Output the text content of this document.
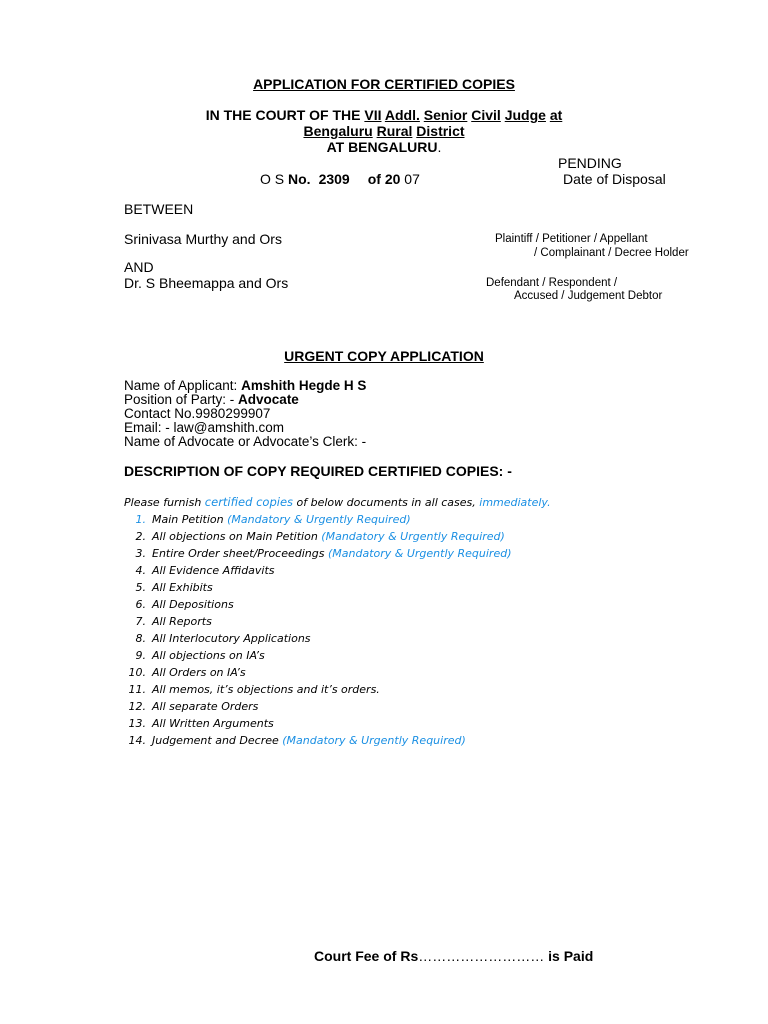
APPLICATION FOR CERTIFIED COPIES
IN THE COURT OF THE VII Addl. Senior Civil Judge at
Bengaluru Rural District
AT BENGALURU.
PENDING
O S No. 2309 of 20 07	Date of Disposal
BETWEEN
Srinivasa Murthy and Ors	Plaintiff / Petitioner / Appellant
/ Complainant / Decree Holder
AND
Dr. S Bheemappa and Ors	Defendant / Respondent /
Accused / Judgement Debtor
URGENT COPY APPLICATION
Name of Applicant: Amshith Hegde H S
Position of Party: - Advocate
Contact No.9980299907
Email: - law@amshith.com
Name of Advocate or Advocate’s Clerk: -
DESCRIPTION OF COPY REQUIRED CERTIFIED COPIES: -
Please furnish certified copies of below documents in all cases, immediately.
1. Main Petition (Mandatory & Urgently Required)
2. All objections on Main Petition (Mandatory & Urgently Required)
3. Entire Order sheet/Proceedings (Mandatory & Urgently Required)
4. All Evidence Affidavits
5. All Exhibits
6. All Depositions
7. All Reports
8. All Interlocutory Applications
9. All objections on IA’s
10. All Orders on IA’s
11. All memos, it’s objections and it’s orders.
12. All separate Orders
13. All Written Arguments
14. Judgement and Decree (Mandatory & Urgently Required)
Court Fee of Rs……………………… is Paid
